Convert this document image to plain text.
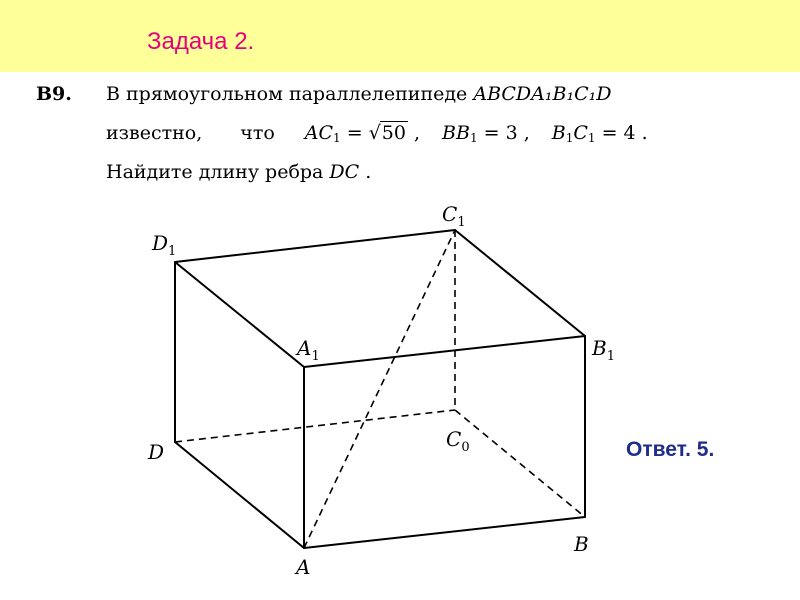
Задача 2.
B9. В прямоугольном параллелепипеде ABCDA₁B₁C₁D
известно, что $AC_1 = √50$ , $BB_1 = 3$ , $B_1C_1 = 4$ .
Найдите длину ребра DC .
A
B
$C_0$
D
$A_1$	$B_1$
$C_1$
$D_1$
Ответ. 5.
